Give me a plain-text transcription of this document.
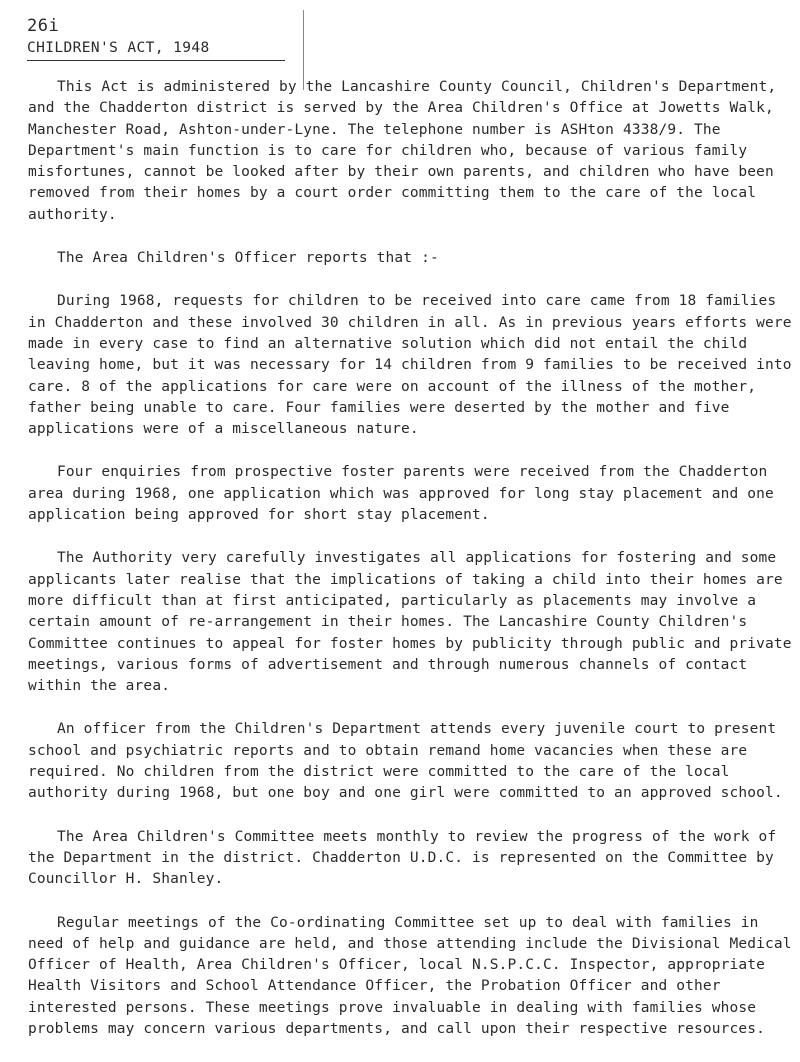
26i
CHILDREN'S ACT, 1948

This Act is administered by the Lancashire County Council, Children's Department, and the Chadderton district is served by the Area Children's Office at Jowetts Walk, Manchester Road, Ashton-under-Lyne. The telephone number is ASHton 4338/9. The Department's main function is to care for children who, because of various family misfortunes, cannot be looked after by their own parents, and children who have been removed from their homes by a court order committing them to the care of the local authority.

The Area Children's Officer reports that :-

During 1968, requests for children to be received into care came from 18 families in Chadderton and these involved 30 children in all. As in previous years efforts were made in every case to find an alternative solution which did not entail the child leaving home, but it was necessary for 14 children from 9 families to be received into care. 8 of the applications for care were on account of the illness of the mother, father being unable to care. Four families were deserted by the mother and five applications were of a miscellaneous nature.

Four enquiries from prospective foster parents were received from the Chadderton area during 1968, one application which was approved for long stay placement and one application being approved for short stay placement.

The Authority very carefully investigates all applications for fostering and some applicants later realise that the implications of taking a child into their homes are more difficult than at first anticipated, particularly as placements may involve a certain amount of re-arrangement in their homes. The Lancashire County Children's Committee continues to appeal for foster homes by publicity through public and private meetings, various forms of advertisement and through numerous channels of contact within the area.

An officer from the Children's Department attends every juvenile court to present school and psychiatric reports and to obtain remand home vacancies when these are required. No children from the district were committed to the care of the local authority during 1968, but one boy and one girl were committed to an approved school.

The Area Children's Committee meets monthly to review the progress of the work of the Department in the district. Chadderton U.D.C. is represented on the Committee by Councillor H. Shanley.

Regular meetings of the Co-ordinating Committee set up to deal with families in need of help and guidance are held, and those attending include the Divisional Medical Officer of Health, Area Children's Officer, local N.S.P.C.C. Inspector, appropriate Health Visitors and School Attendance Officer, the Probation Officer and other interested persons. These meetings prove invaluable in dealing with families whose problems may concern various departments, and call upon their respective resources.
